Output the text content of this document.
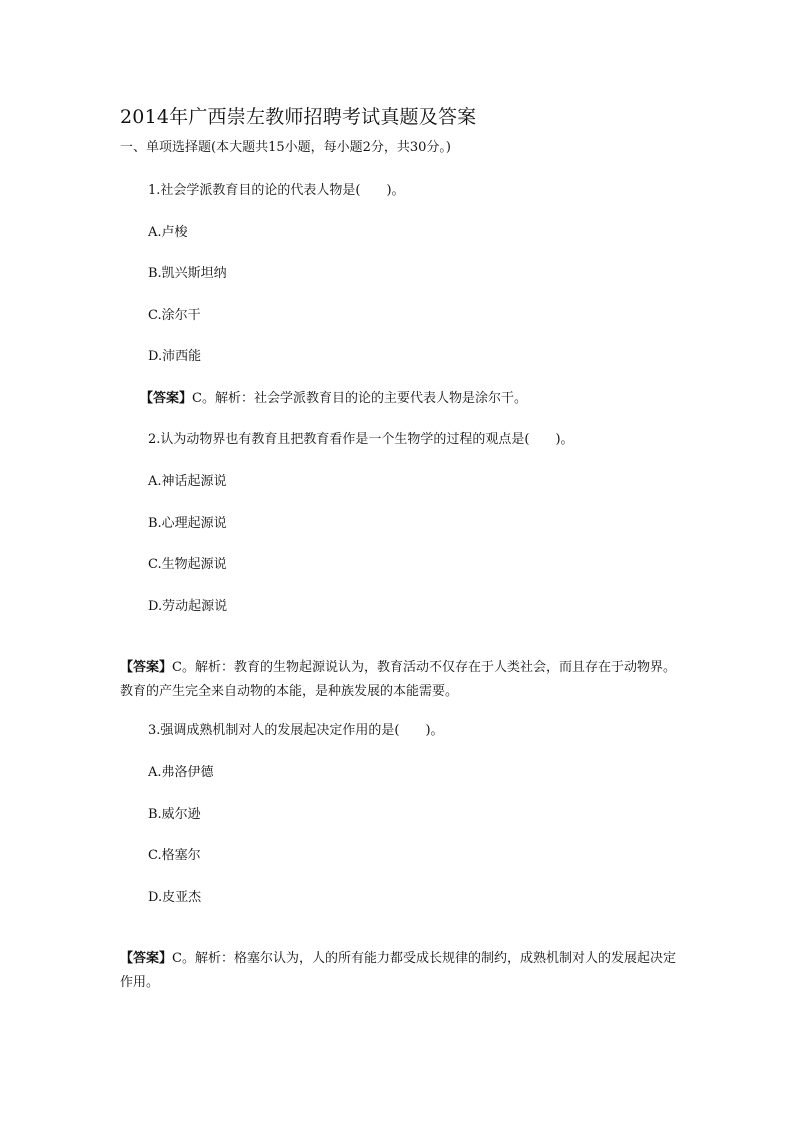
2014年广西崇左教师招聘考试真题及答案
一、单项选择题(本大题共15小题，每小题2分，共30分。)
1.社会学派教育目的论的代表人物是(　　)。
A.卢梭
B.凯兴斯坦纳
C.涂尔干
D.沛西能
【答案】C。解析：社会学派教育目的论的主要代表人物是涂尔干。
2.认为动物界也有教育且把教育看作是一个生物学的过程的观点是(　　)。
A.神话起源说
B.心理起源说
C.生物起源说
D.劳动起源说
【答案】C。解析：教育的生物起源说认为，教育活动不仅存在于人类社会，而且存在于动物界。教育的产生完全来自动物的本能，是种族发展的本能需要。
3.强调成熟机制对人的发展起决定作用的是(　　)。
A.弗洛伊德
B.威尔逊
C.格塞尔
D.皮亚杰
【答案】C。解析：格塞尔认为，人的所有能力都受成长规律的制约，成熟机制对人的发展起决定作用。
